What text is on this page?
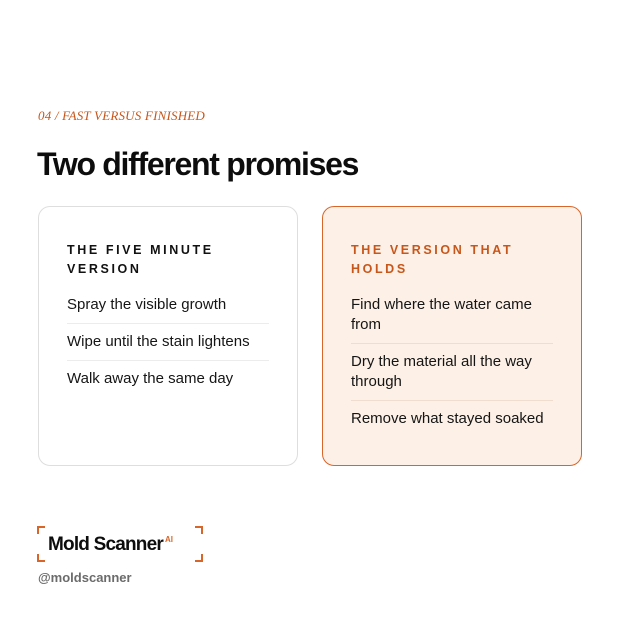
04 / FAST VERSUS FINISHED
Two different promises
THE FIVE MINUTE VERSION
Spray the visible growth
Wipe until the stain lightens
Walk away the same day
THE VERSION THAT HOLDS
Find where the water came from
Dry the material all the way through
Remove what stayed soaked
Mold Scanner $^{AI}$
@moldscanner
